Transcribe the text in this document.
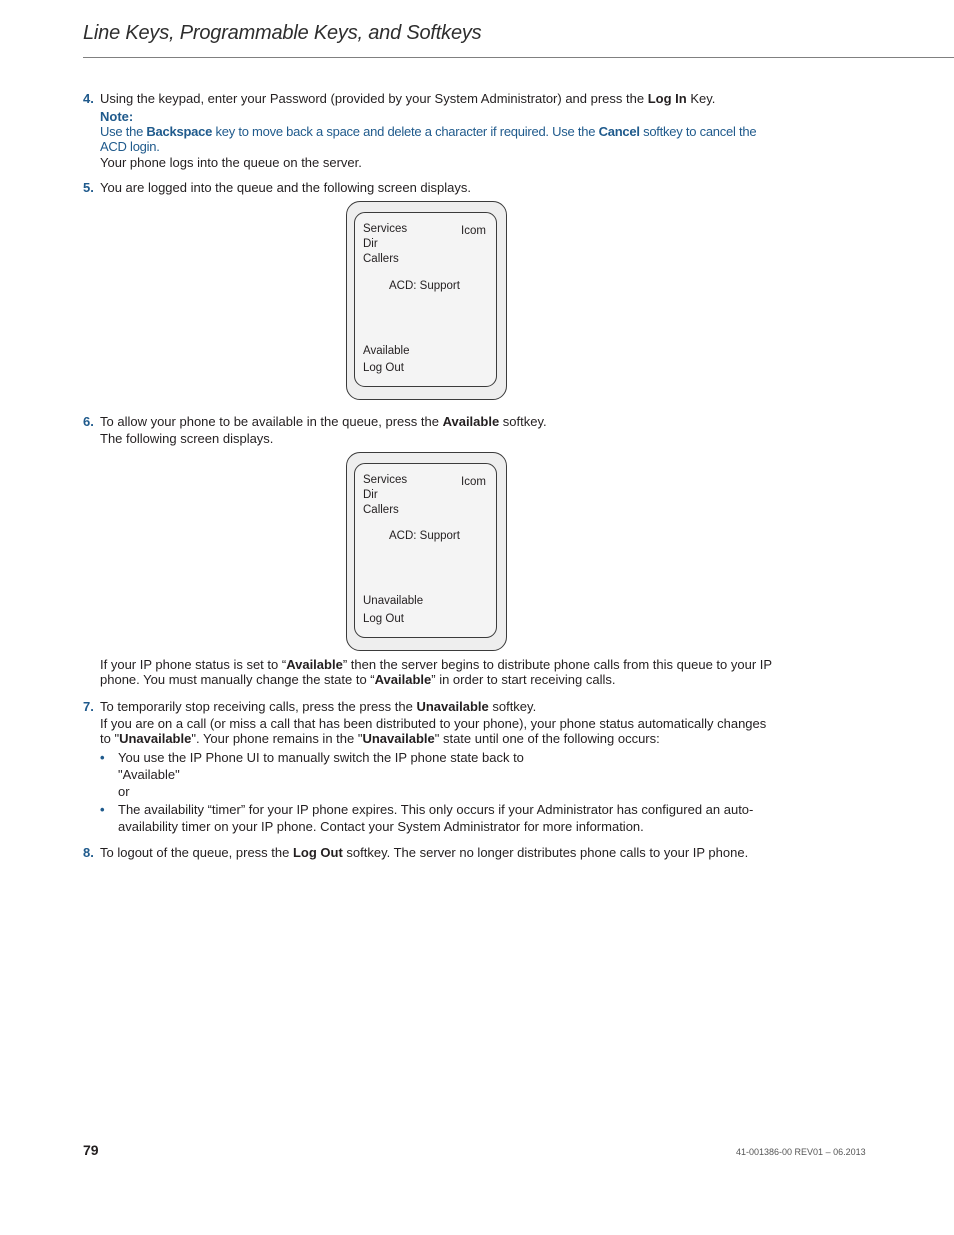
Line Keys, Programmable Keys, and Softkeys
4. Using the keypad, enter your Password (provided by your System Administrator) and press the Log In Key.
Note:
Use the Backspace key to move back a space and delete a character if required. Use the Cancel softkey to cancel the ACD login.
Your phone logs into the queue on the server.
5. You are logged into the queue and the following screen displays.
Services
Dir
Callers
Icom
ACD: Support
Available
Log Out
6. To allow your phone to be available in the queue, press the Available softkey.
The following screen displays.
Services
Dir
Callers
Icom
ACD: Support
Unavailable
Log Out
If your IP phone status is set to “Available” then the server begins to distribute phone calls from this queue to your IP phone. You must manually change the state to “Available” in order to start receiving calls.
7. To temporarily stop receiving calls, press the press the Unavailable softkey.
If you are on a call (or miss a call that has been distributed to your phone), your phone status automatically changes to "Unavailable". Your phone remains in the "Unavailable" state until one of the following occurs:
• You use the IP Phone UI to manually switch the IP phone state back to
"Available"
or
• The availability “timer” for your IP phone expires. This only occurs if your Administrator has configured an auto-availability timer on your IP phone. Contact your System Administrator for more information.
8. To logout of the queue, press the Log Out softkey. The server no longer distributes phone calls to your IP phone.
79	41-001386-00 REV01 – 06.2013
